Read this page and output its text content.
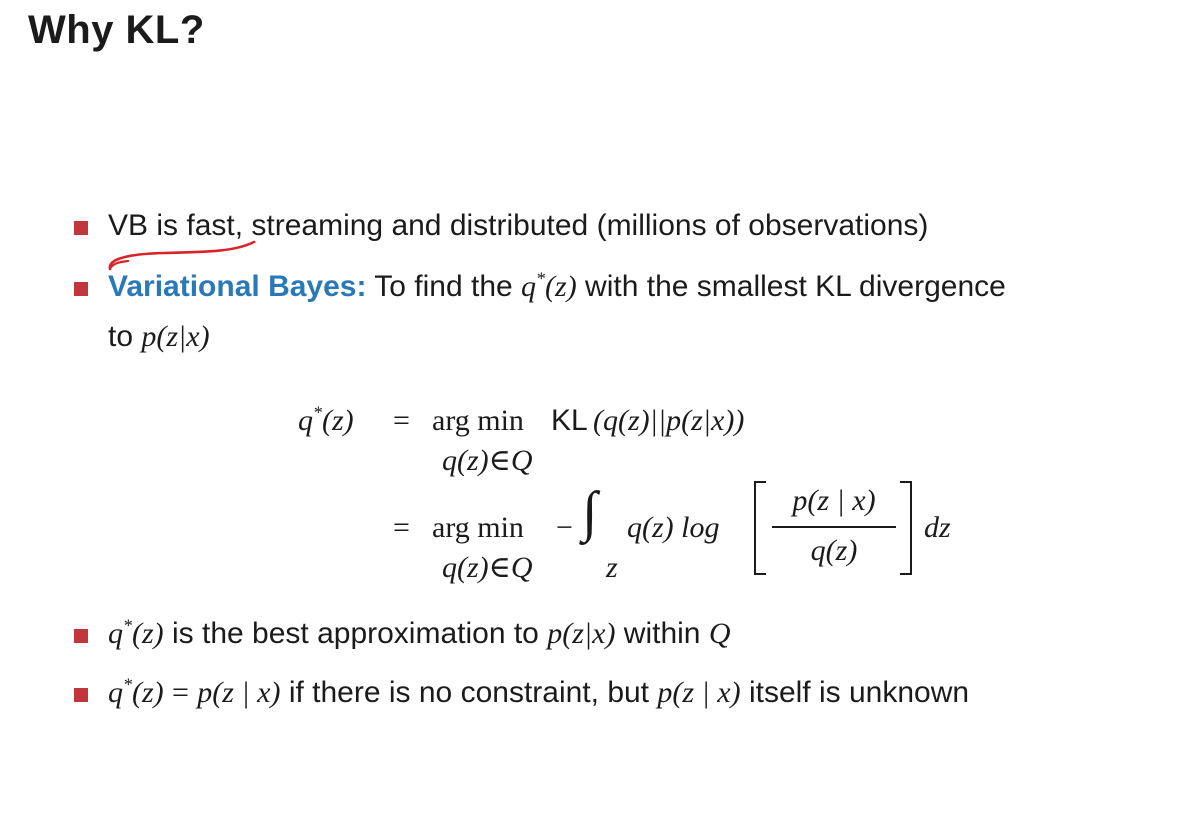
Why KL?
VB is fast, streaming and distributed (millions of observations)
Variational Bayes: To find the q*(z) with the smallest KL divergence
to p(z|x)
q*(z) = arg min
q(z)∈Q
KL (q(z)||p(z|x))
= arg min
q(z)∈Q
− ∫
z
q(z) log
p(z | x)
q(z)
dz
q*(z) is the best approximation to p(z|x) within Q
q*(z) = p(z | x) if there is no constraint, but p(z | x) itself is unknown
